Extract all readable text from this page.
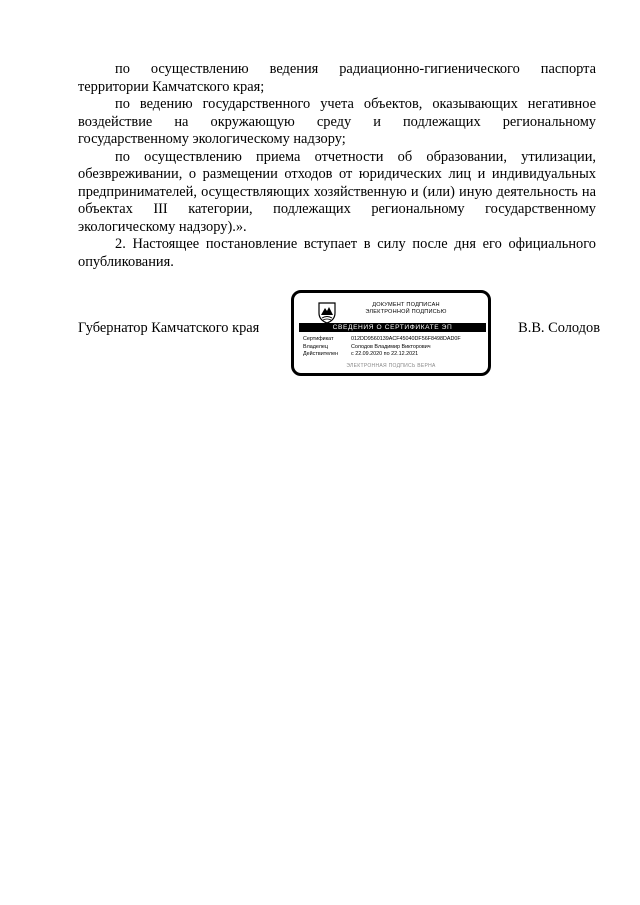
по осуществлению ведения радиационно-гигиенического паспорта территории Камчатского края;

по ведению государственного учета объектов, оказывающих негативное воздействие на окружающую среду и подлежащих региональному государственному экологическому надзору;

по осуществлению приема отчетности об образовании, утилизации, обезвреживании, о размещении отходов от юридических лиц и индивидуальных предпринимателей, осуществляющих хозяйственную и (или) иную деятельность на объектах III категории, подлежащих региональному государственному экологическому надзору).».

2. Настоящее постановление вступает в силу после дня его официального опубликования.

Губернатор Камчатского края
ДОКУМЕНТ ПОДПИСАН
ЭЛЕКТРОННОЙ ПОДПИСЬЮ
СВЕДЕНИЯ О СЕРТИФИКАТЕ ЭП
Сертификат	012DD9560139ACF45040DF56F8498DAD0F
Владелец	Солодов Владимир Викторович
Действителен	с 22.09.2020 по 22.12.2021
ЭЛЕКТРОННАЯ ПОДПИСЬ ВЕРНА
В.В. Солодов
